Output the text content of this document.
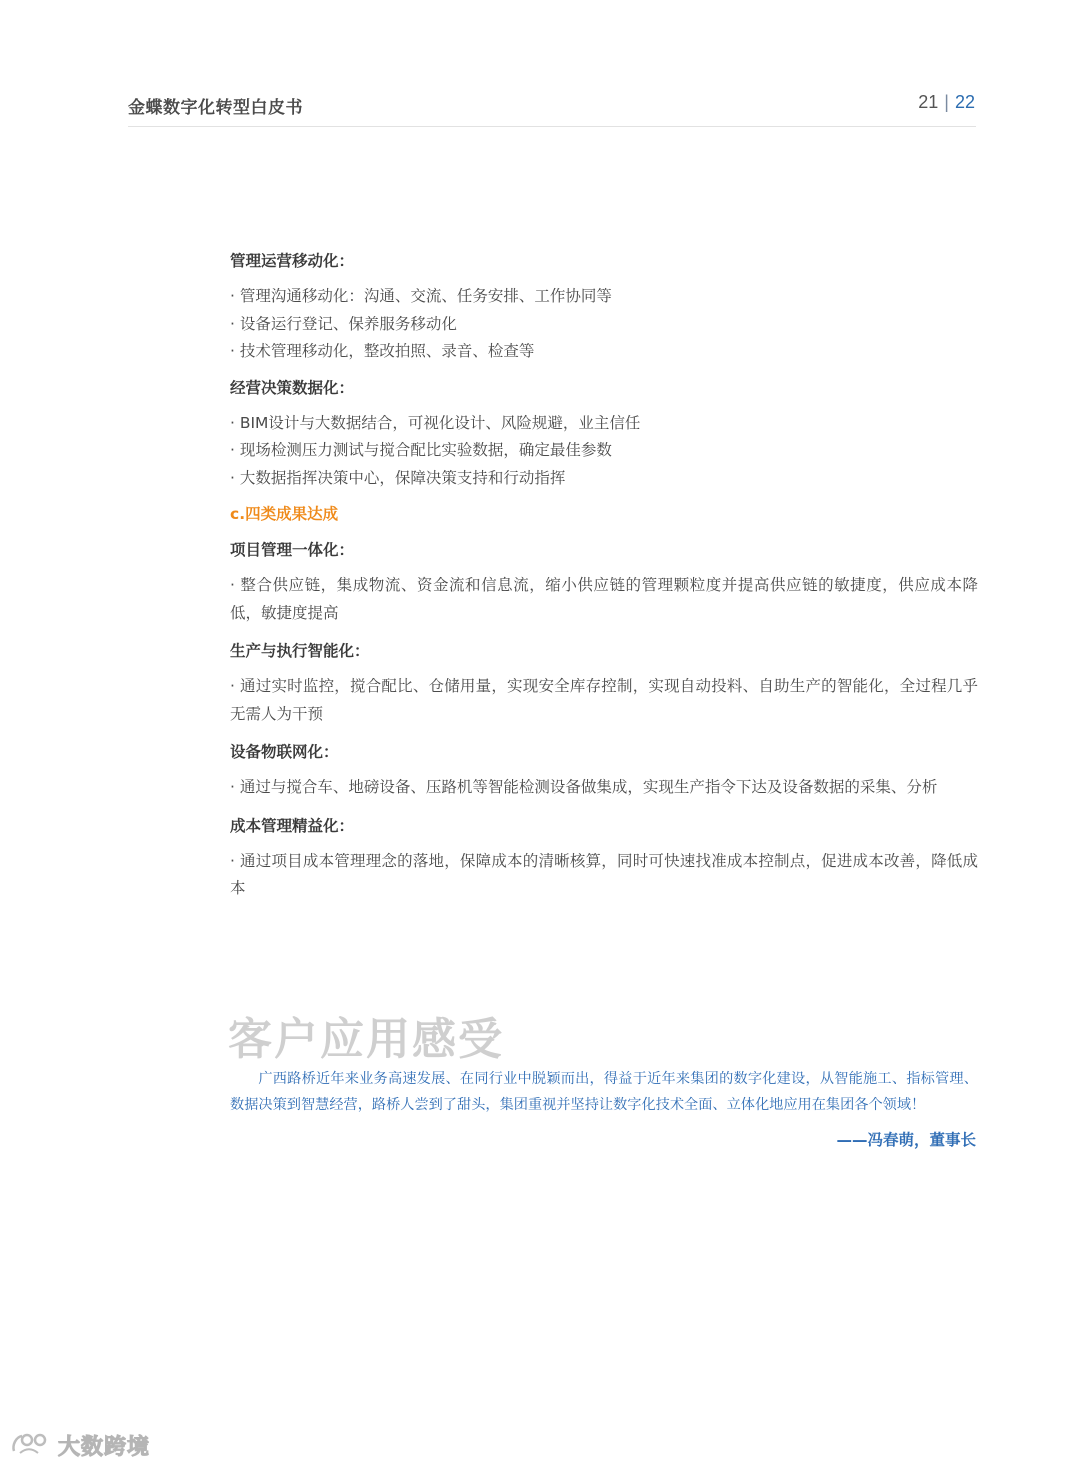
金蝶数字化转型白皮书	21 | 22

管理运营移动化：

· 管理沟通移动化：沟通、交流、任务安排、工作协同等

· 设备运行登记、保养服务移动化

· 技术管理移动化，整改拍照、录音、检查等

经营决策数据化：

· BIM设计与大数据结合，可视化设计、风险规避，业主信任

· 现场检测压力测试与搅合配比实验数据，确定最佳参数

· 大数据指挥决策中心，保障决策支持和行动指挥

c.四类成果达成

项目管理一体化：

· 整合供应链，集成物流、资金流和信息流，缩小供应链的管理颗粒度并提高供应链的敏捷度，供应成本降低，敏捷度提高

生产与执行智能化：

· 通过实时监控，搅合配比、仓储用量，实现安全库存控制，实现自动投料、自助生产的智能化，全过程几乎无需人为干预

设备物联网化：

· 通过与搅合车、地磅设备、压路机等智能检测设备做集成，实现生产指令下达及设备数据的采集、分析

成本管理精益化：

· 通过项目成本管理理念的落地，保障成本的清晰核算，同时可快速找准成本控制点，促进成本改善，降低成本

客户应用感受
广西路桥近年来业务高速发展、在同行业中脱颖而出，得益于近年来集团的数字化建设，从智能施工、指标管理、数据决策到智慧经营，路桥人尝到了甜头，集团重视并坚持让数字化技术全面、立体化地应用在集团各个领域！
——冯春萌，董事长
大数跨境
